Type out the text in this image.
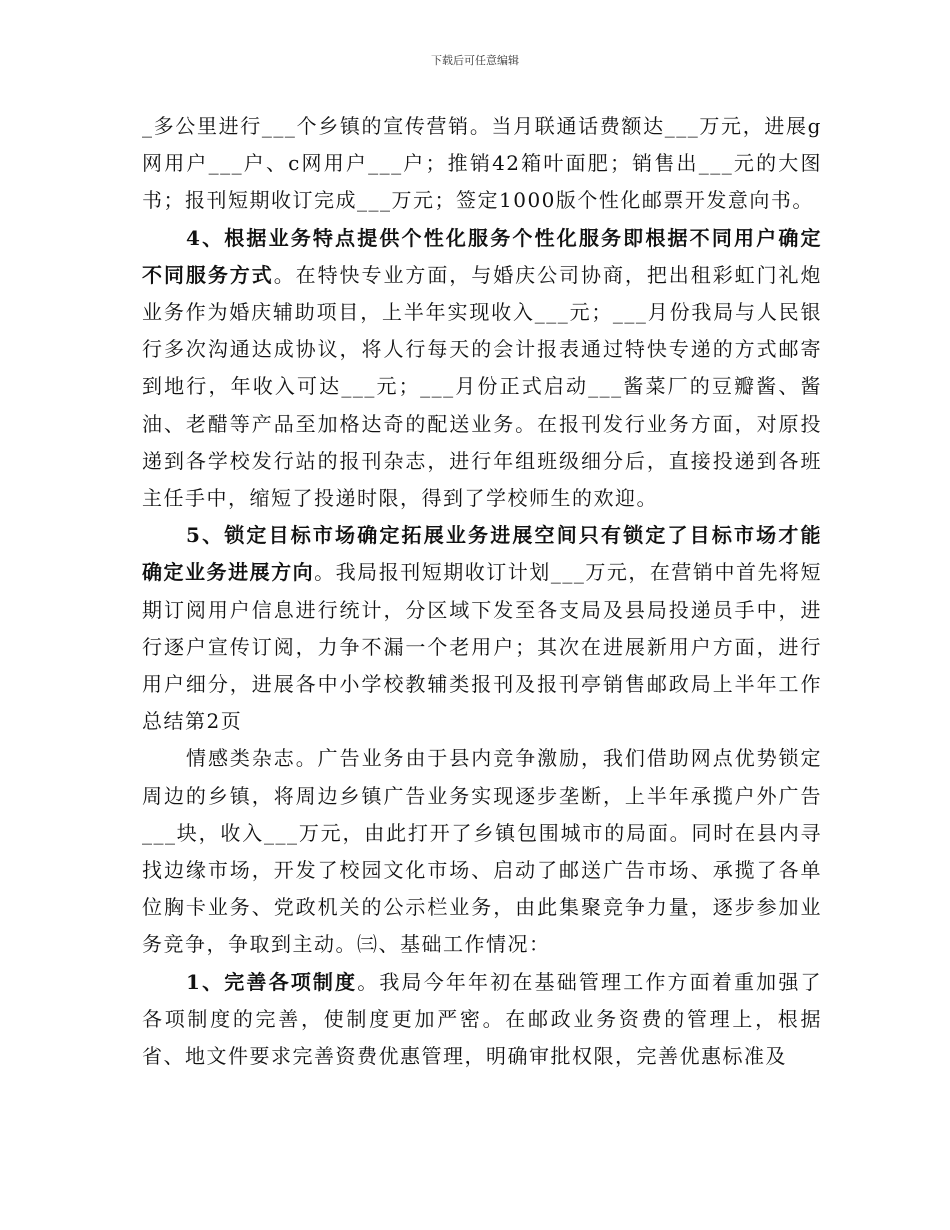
下载后可任意编辑

_多公里进行___个乡镇的宣传营销。当月联通话费额达___万元，进展g网用户___户、c网用户___户；推销42箱叶面肥；销售出___元的大图书；报刊短期收订完成___万元；签定1000版个性化邮票开发意向书。

4、根据业务特点提供个性化服务个性化服务即根据不同用户确定不同服务方式。在特快专业方面，与婚庆公司协商，把出租彩虹门礼炮业务作为婚庆辅助项目，上半年实现收入___元；___月份我局与人民银行多次沟通达成协议，将人行每天的会计报表通过特快专递的方式邮寄到地行，年收入可达___元；___月份正式启动___酱菜厂的豆瓣酱、酱油、老醋等产品至加格达奇的配送业务。在报刊发行业务方面，对原投递到各学校发行站的报刊杂志，进行年组班级细分后，直接投递到各班主任手中，缩短了投递时限，得到了学校师生的欢迎。

5、锁定目标市场确定拓展业务进展空间只有锁定了目标市场才能确定业务进展方向。我局报刊短期收订计划___万元，在营销中首先将短期订阅用户信息进行统计，分区域下发至各支局及县局投递员手中，进行逐户宣传订阅，力争不漏一个老用户；其次在进展新用户方面，进行用户细分，进展各中小学校教辅类报刊及报刊亭销售邮政局上半年工作总结第2页

情感类杂志。广告业务由于县内竞争激励，我们借助网点优势锁定周边的乡镇，将周边乡镇广告业务实现逐步垄断，上半年承揽户外广告___块，收入___万元，由此打开了乡镇包围城市的局面。同时在县内寻找边缘市场，开发了校园文化市场、启动了邮送广告市场、承揽了各单位胸卡业务、党政机关的公示栏业务，由此集聚竞争力量，逐步参加业务竞争，争取到主动。㈢、基础工作情况：

1、完善各项制度。我局今年年初在基础管理工作方面着重加强了各项制度的完善，使制度更加严密。在邮政业务资费的管理上，根据省、地文件要求完善资费优惠管理，明确审批权限，完善优惠标准及
